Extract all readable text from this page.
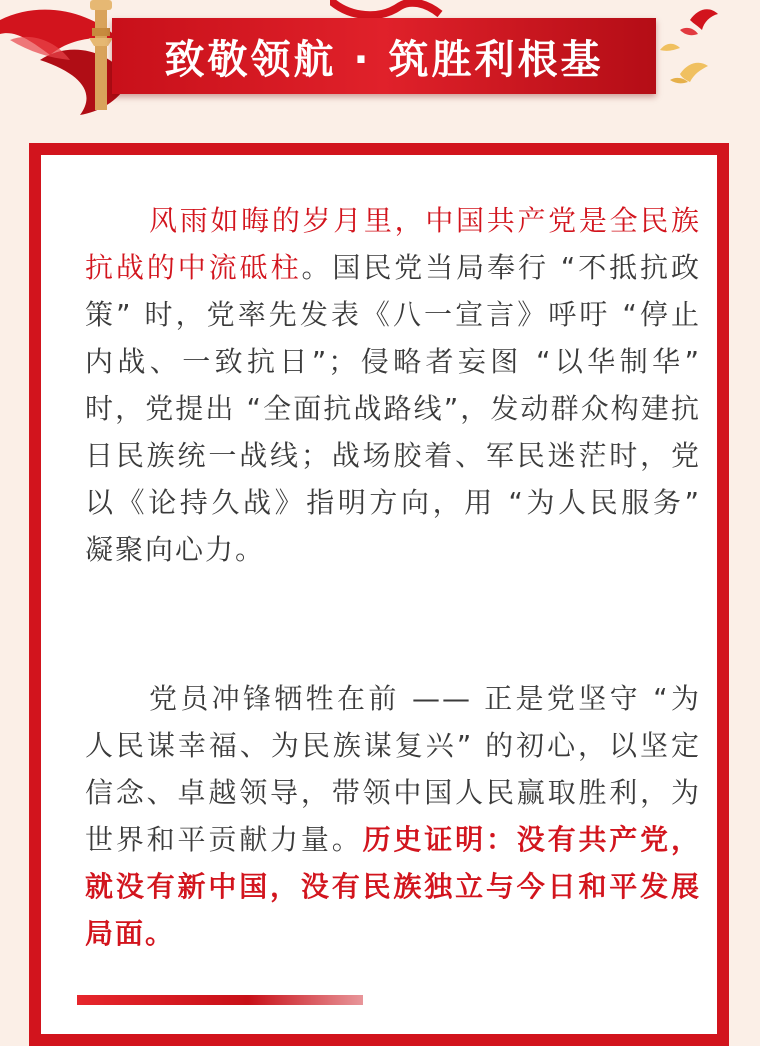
致敬领航 · 筑胜利根基

风雨如晦的岁月里，中国共产党是全民族抗战的中流砥柱。国民党当局奉行 “不抵抗政策” 时，党率先发表《八一宣言》呼吁 “停止内战、一致抗日”；侵略者妄图 “以华制华” 时，党提出 “全面抗战路线”，发动群众构建抗日民族统一战线；战场胶着、军民迷茫时，党以《论持久战》指明方向，用 “为人民服务” 凝聚向心力。

党员冲锋牺牲在前 —— 正是党坚守 “为人民谋幸福、为民族谋复兴” 的初心，以坚定信念、卓越领导，带领中国人民赢取胜利，为世界和平贡献力量。历史证明：没有共产党，就没有新中国，没有民族独立与今日和平发展局面。
